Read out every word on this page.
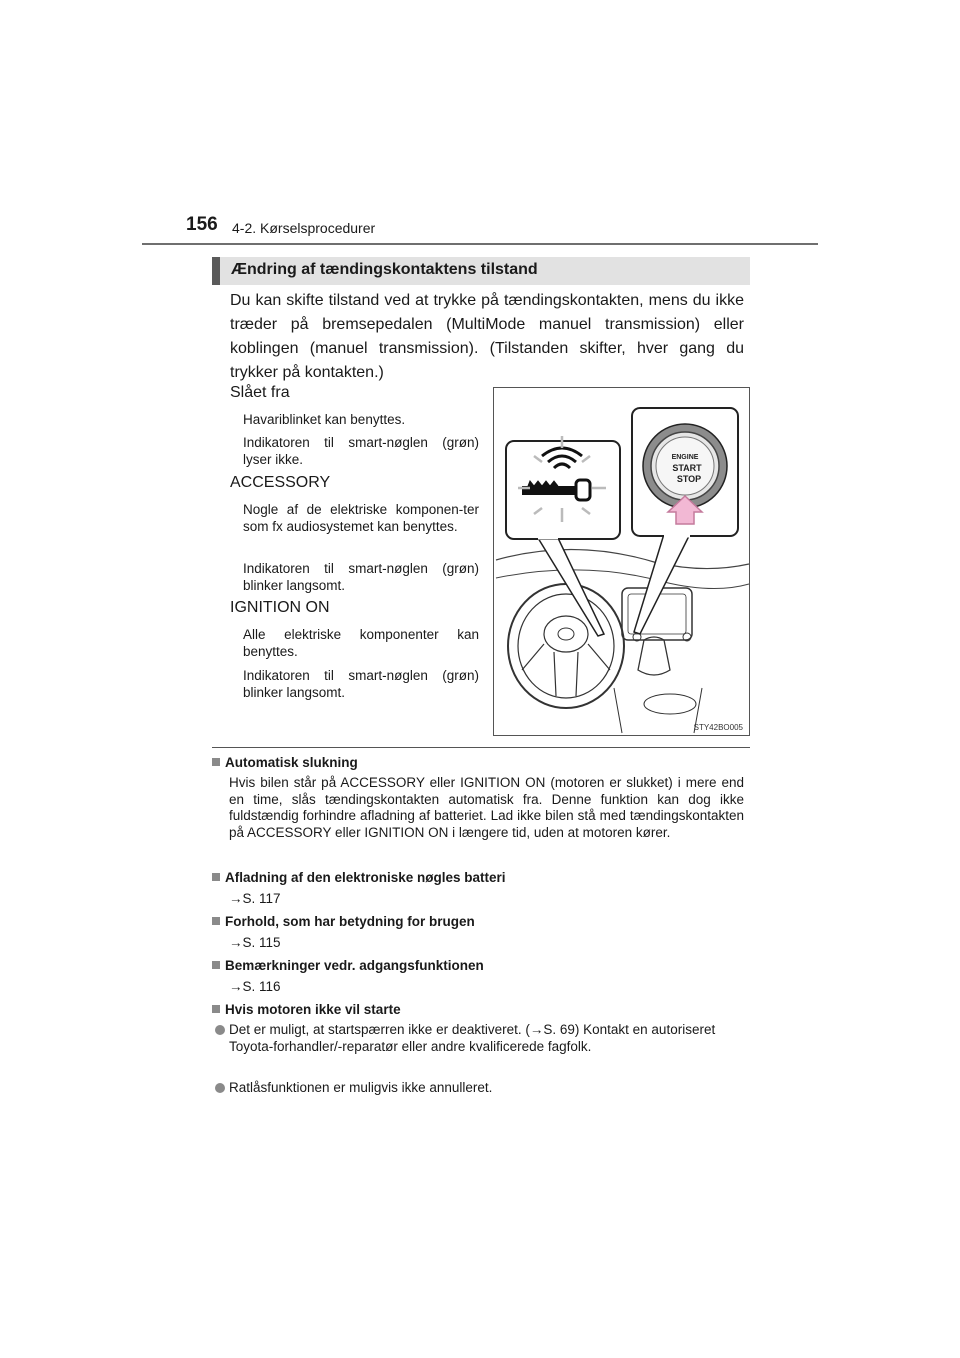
156 4-2. Kørselsprocedurer
Ændring af tændingskontaktens tilstand
Du kan skifte tilstand ved at trykke på tændingskontakten, mens du ikke træder på bremsepedalen (MultiMode manuel transmission) eller koblingen (manuel transmission). (Tilstanden skifter, hver gang du trykker på kontakten.)
Slået fra
Havariblinket kan benyttes.
Indikatoren til smart-nøglen (grøn) lyser ikke.
ACCESSORY
Nogle af de elektriske komponen-ter som fx audiosystemet kan benyttes.
Indikatoren til smart-nøglen (grøn) blinker langsomt.
IGNITION ON
Alle elektriske komponenter kan benyttes.
Indikatoren til smart-nøglen (grøn) blinker langsomt.
ENGINE
START
STOP
STY42BO005
Automatisk slukning
Hvis bilen står på ACCESSORY eller IGNITION ON (motoren er slukket) i mere end en time, slås tændingskontakten automatisk fra. Denne funktion kan dog ikke fuldstændig forhindre afladning af batteriet. Lad ikke bilen stå med tændingskontakten på ACCESSORY eller IGNITION ON i længere tid, uden at motoren kører.
Afladning af den elektroniske nøgles batteri
→S. 117
Forhold, som har betydning for brugen
→S. 115
Bemærkninger vedr. adgangsfunktionen
→S. 116
Hvis motoren ikke vil starte
Det er muligt, at startspærren ikke er deaktiveret. (→S. 69) Kontakt en autoriseret Toyota-forhandler/-reparatør eller andre kvalificerede fagfolk.
Ratlåsfunktionen er muligvis ikke annulleret.
